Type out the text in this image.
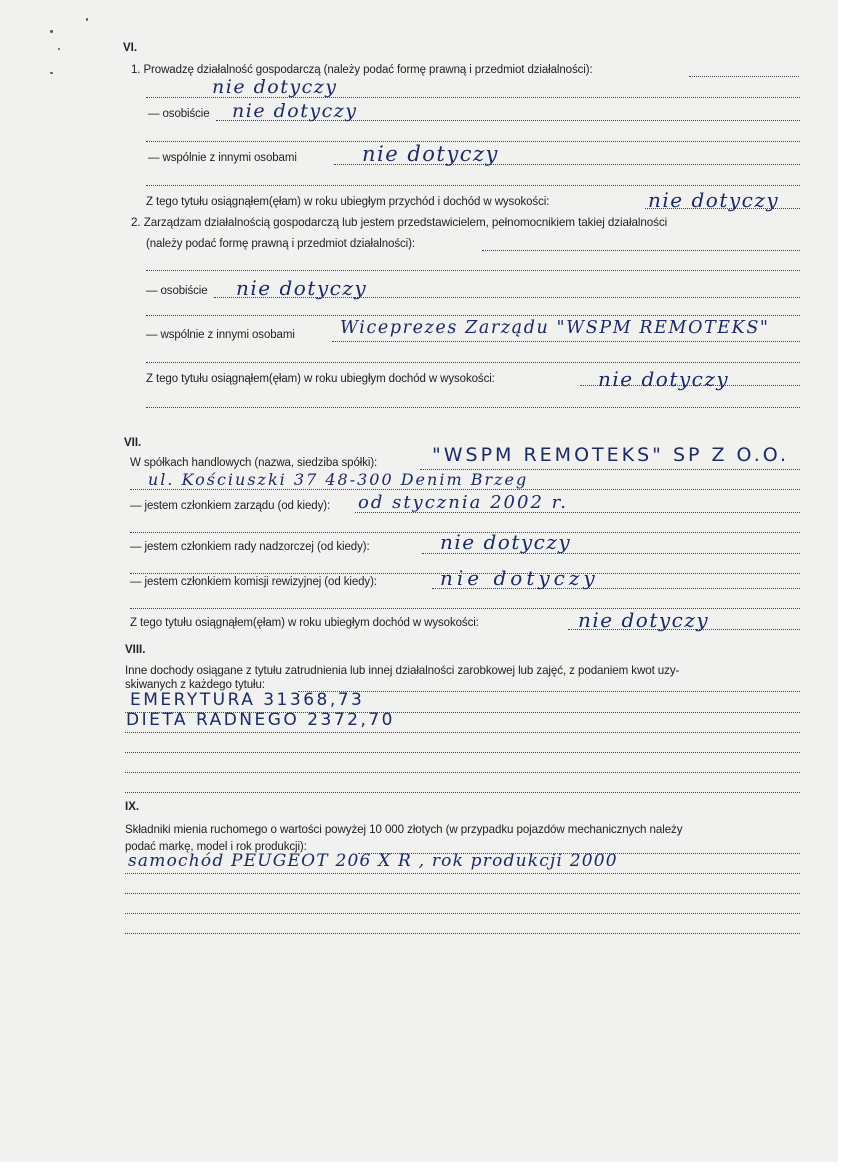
VI.
1. Prowadzę działalność gospodarczą (należy podać formę prawną i przedmiot działalności):
nie dotyczy
— osobiście nie dotyczy
— wspólnie z innymi osobami	nie dotyczy
Z tego tytułu osiągnąłem(ęłam) w roku ubiegłym przychód i dochód w wysokości:	nie dotyczy
2. Zarządzam działalnością gospodarczą lub jestem przedstawicielem, pełnomocnikiem takiej działalności
(należy podać formę prawną i przedmiot działalności):
— osobiście nie dotyczy
— wspólnie z innymi osobami	Wiceprezes Zarządu "WSPM REMOTEKS"
Z tego tytułu osiągnąłem(ęłam) w roku ubiegłym dochód w wysokości:	nie dotyczy
VII.
W spółkach handlowych (nazwa, siedziba spółki):	"WSPM REMOTEKS" SP Z O.O.
ul. Kościuszki 37 48-300 Denim Brzeg
— jestem członkiem zarządu (od kiedy): od stycznia 2002 r.
— jestem członkiem rady nadzorczej (od kiedy):	nie dotyczy
— jestem członkiem komisji rewizyjnej (od kiedy):	nie dotyczy
Z tego tytułu osiągnąłem(ęłam) w roku ubiegłym dochód w wysokości:	nie dotyczy
VIII.
Inne dochody osiągane z tytułu zatrudnienia lub innej działalności zarobkowej lub zajęć, z podaniem kwot uzy-
skiwanych z każdego tytułu:
EMERYTURA 31368,73
DIETA RADNEGO 2372,70
IX.
Składniki mienia ruchomego o wartości powyżej 10 000 złotych (w przypadku pojazdów mechanicznych należy
podać markę, model i rok produkcji):
samochód PEUGEOT 206 X R , rok produkcji 2000
